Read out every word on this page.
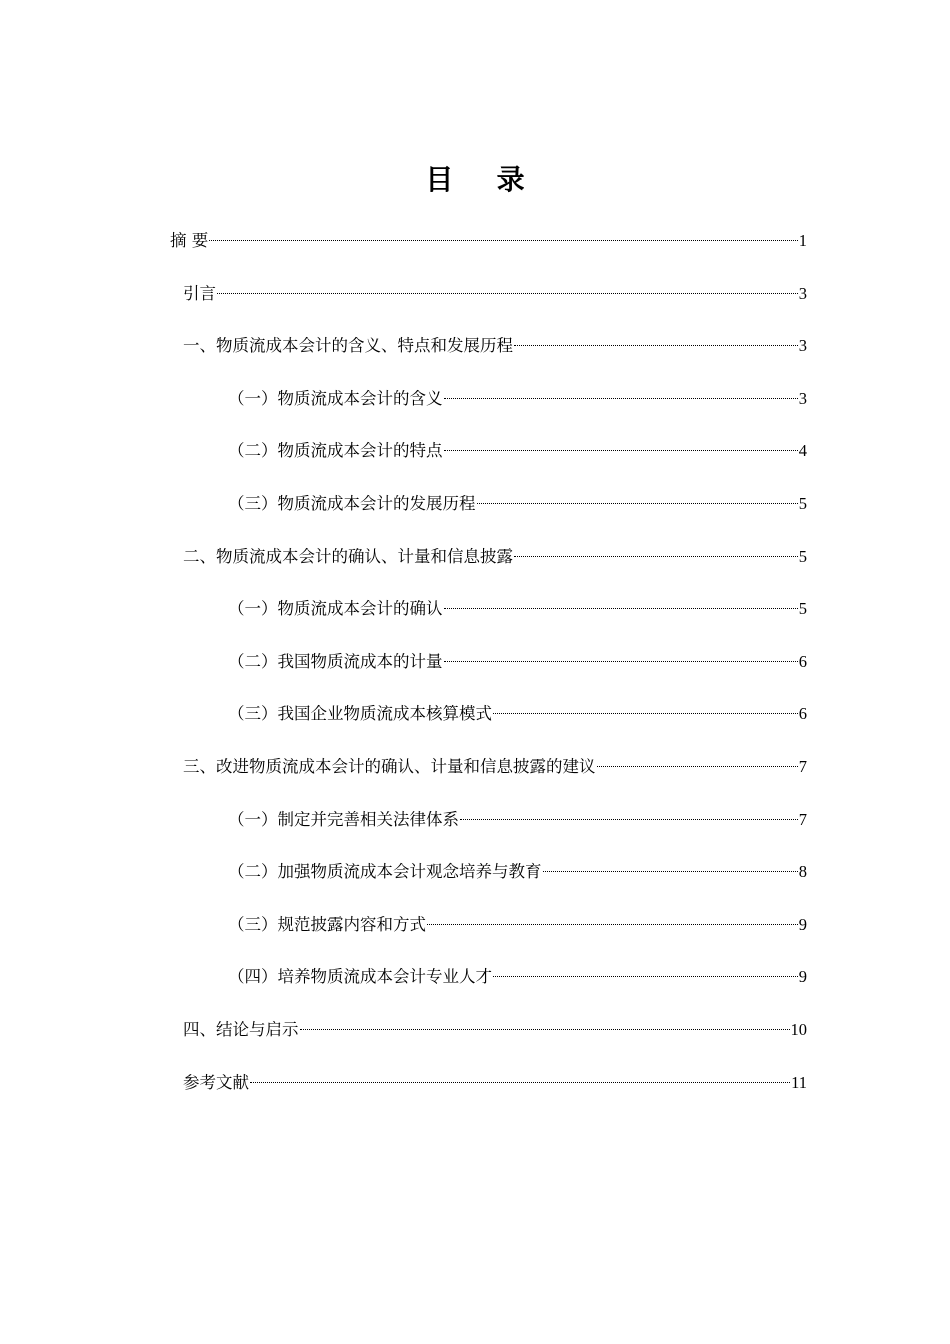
目 录
摘 要	1
引言	3
一、物质流成本会计的含义、特点和发展历程	3
（一）物质流成本会计的含义	3
（二）物质流成本会计的特点	4
（三）物质流成本会计的发展历程	5
二、物质流成本会计的确认、计量和信息披露	5
（一）物质流成本会计的确认	5
（二）我国物质流成本的计量	6
（三）我国企业物质流成本核算模式	6
三、改进物质流成本会计的确认、计量和信息披露的建议	7
（一）制定并完善相关法律体系	7
（二）加强物质流成本会计观念培养与教育	8
（三）规范披露内容和方式	9
（四）培养物质流成本会计专业人才	9
四、结论与启示	10
参考文献	11
